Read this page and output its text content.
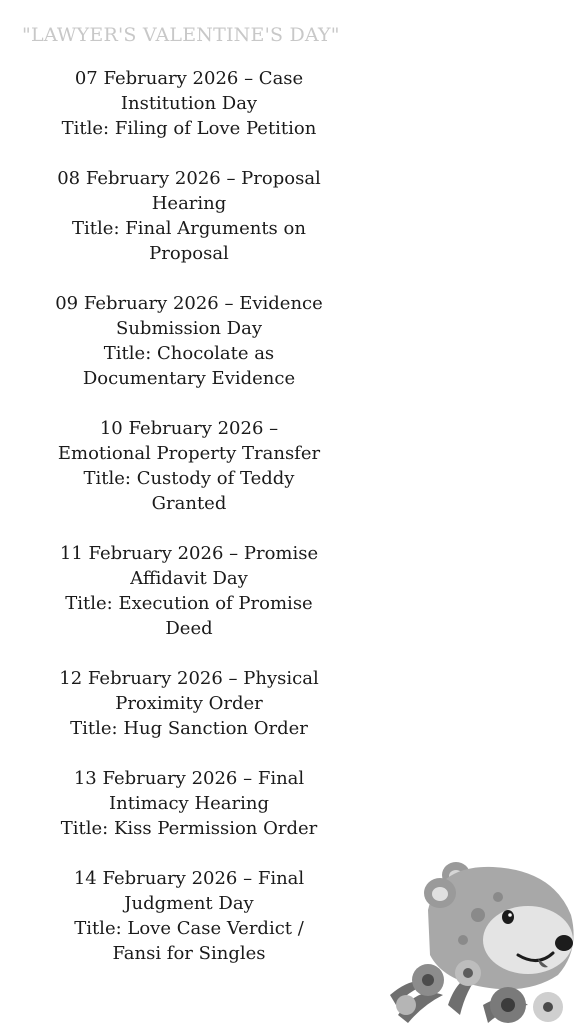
"LAWYER'S VALENTINE'S DAY"
07 February 2026 – Case Institution Day
Title: Filing of Love Petition
08 February 2026 – Proposal Hearing
Title: Final Arguments on Proposal
09 February 2026 – Evidence Submission Day
Title: Chocolate as Documentary Evidence
10 February 2026 – Emotional Property Transfer
Title: Custody of Teddy Granted
11 February 2026 – Promise Affidavit Day
Title: Execution of Promise Deed
12 February 2026 – Physical Proximity Order
Title: Hug Sanction Order
13 February 2026 – Final Intimacy Hearing
Title: Kiss Permission Order
14 February 2026 – Final Judgment Day
Title: Love Case Verdict / Fansi for Singles
